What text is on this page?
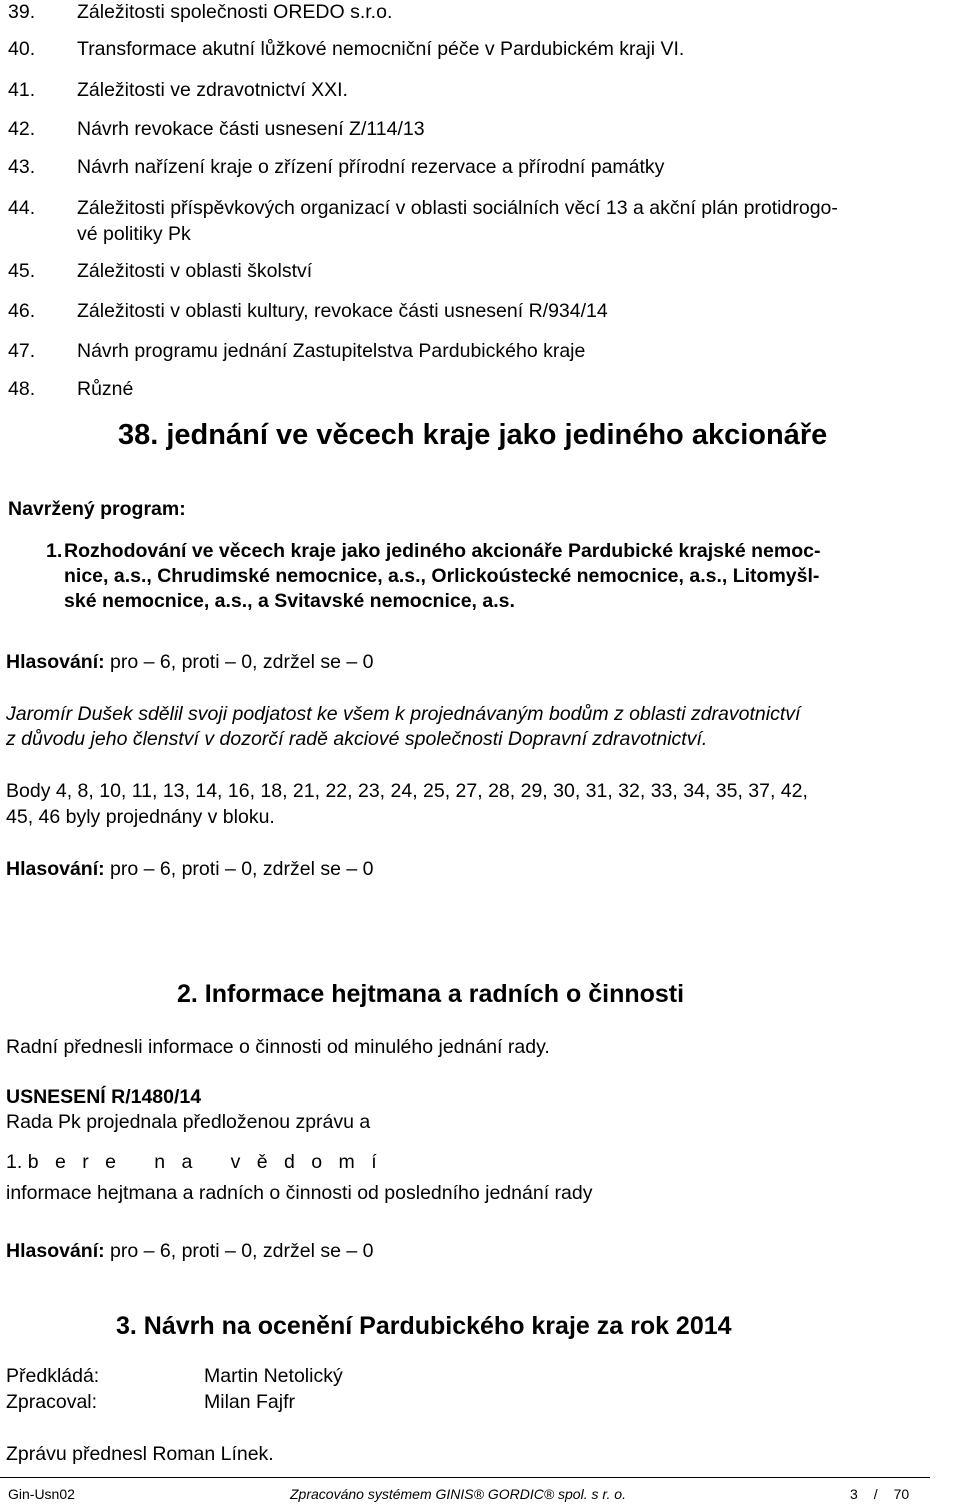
39. Záležitosti společnosti OREDO s.r.o.
40. Transformace akutní lůžkové nemocniční péče v Pardubickém kraji VI.
41. Záležitosti ve zdravotnictví XXI.
42. Návrh revokace části usnesení Z/114/13
43. Návrh nařízení kraje o zřízení přírodní rezervace a přírodní památky
44. Záležitosti příspěvkových organizací v oblasti sociálních věcí 13 a akční plán protidrogo-
vé politiky Pk
45. Záležitosti v oblasti školství
46. Záležitosti v oblasti kultury, revokace části usnesení R/934/14
47. Návrh programu jednání Zastupitelstva Pardubického kraje
48. Různé
38. jednání ve věcech kraje jako jediného akcionáře
Navržený program:
1. Rozhodování ve věcech kraje jako jediného akcionáře Pardubické krajské nemoc-
nice, a.s., Chrudimské nemocnice, a.s., Orlickoústecké nemocnice, a.s., Litomyšl-
ské nemocnice, a.s., a Svitavské nemocnice, a.s.
Hlasování: pro – 6, proti – 0, zdržel se – 0
Jaromír Dušek sdělil svoji podjatost ke všem k projednávaným bodům z oblasti zdravotnictví
z důvodu jeho členství v dozorčí radě akciové společnosti Dopravní zdravotnictví.
Body 4, 8, 10, 11, 13, 14, 16, 18, 21, 22, 23, 24, 25, 27, 28, 29, 30, 31, 32, 33, 34, 35, 37, 42,
45, 46 byly projednány v bloku.
Hlasování: pro – 6, proti – 0, zdržel se – 0
2. Informace hejtmana a radních o činnosti
Radní přednesli informace o činnosti od minulého jednání rady.
USNESENÍ R/1480/14
Rada Pk projednala předloženou zprávu a
1. b e r e   n a   v ě d o m í
informace hejtmana a radních o činnosti od posledního jednání rady
Hlasování: pro – 6, proti – 0, zdržel se – 0
3. Návrh na ocenění Pardubického kraje za rok 2014
Předkládá:	Martin Netolický
Zpracoval:	Milan Fajfr
Zprávu přednesl Roman Línek.
Gin-Usn02	Zpracováno systémem GINIS® GORDIC® spol. s r. o.	3 / 70
